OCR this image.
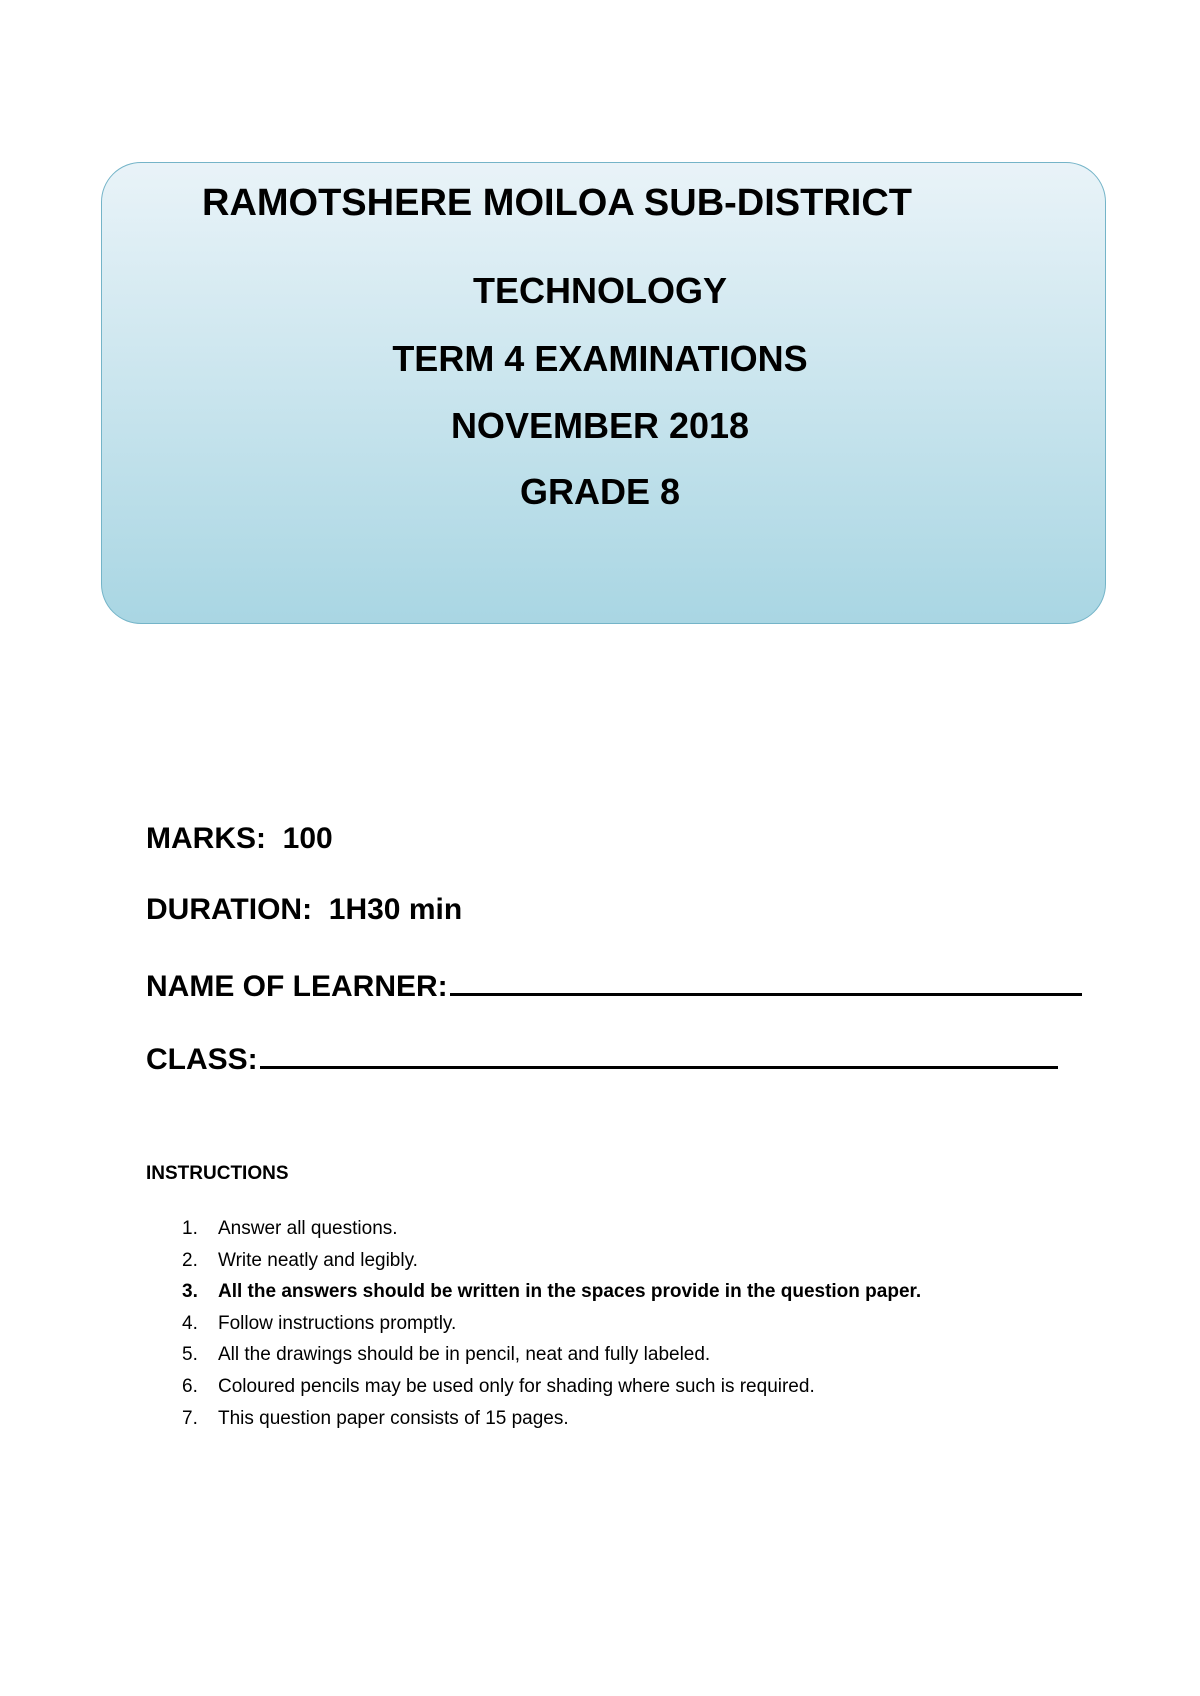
RAMOTSHERE MOILOA SUB-DISTRICT
TECHNOLOGY
TERM 4 EXAMINATIONS
NOVEMBER 2018
GRADE 8
MARKS: 100
DURATION: 1H30 min
NAME OF LEARNER:
CLASS:
INSTRUCTIONS
1. Answer all questions.
2. Write neatly and legibly.
3. All the answers should be written in the spaces provide in the question paper.
4. Follow instructions promptly.
5. All the drawings should be in pencil, neat and fully labeled.
6. Coloured pencils may be used only for shading where such is required.
7. This question paper consists of 15 pages.
